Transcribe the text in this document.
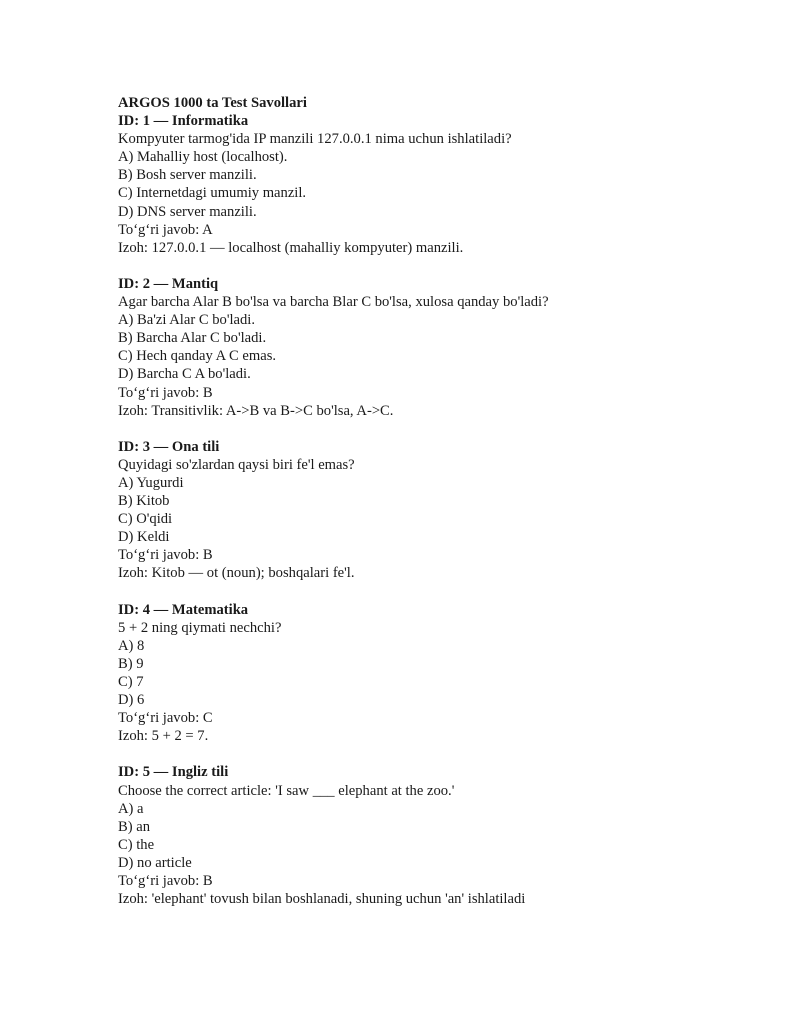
ARGOS 1000 ta Test Savollari
ID: 1 — Informatika
Kompyuter tarmog'ida IP manzili 127.0.0.1 nima uchun ishlatiladi?
A) Mahalliy host (localhost).
B) Bosh server manzili.
C) Internetdagi umumiy manzil.
D) DNS server manzili.
To‘g‘ri javob: A
Izoh: 127.0.0.1 — localhost (mahalliy kompyuter) manzili.
ID: 2 — Mantiq
Agar barcha Alar B bo'lsa va barcha Blar C bo'lsa, xulosa qanday bo'ladi?
A) Ba'zi Alar C bo'ladi.
B) Barcha Alar C bo'ladi.
C) Hech qanday A C emas.
D) Barcha C A bo'ladi.
To‘g‘ri javob: B
Izoh: Transitivlik: A->B va B->C bo'lsa, A->C.
ID: 3 — Ona tili
Quyidagi so'zlardan qaysi biri fe'l emas?
A) Yugurdi
B) Kitob
C) O'qidi
D) Keldi
To‘g‘ri javob: B
Izoh: Kitob — ot (noun); boshqalari fe'l.
ID: 4 — Matematika
5 + 2 ning qiymati nechchi?
A) 8
B) 9
C) 7
D) 6
To‘g‘ri javob: C
Izoh: 5 + 2 = 7.
ID: 5 — Ingliz tili
Choose the correct article: 'I saw ___ elephant at the zoo.'
A) a
B) an
C) the
D) no article
To‘g‘ri javob: B
Izoh: 'elephant' tovush bilan boshlanadi, shuning uchun 'an' ishlatiladi
